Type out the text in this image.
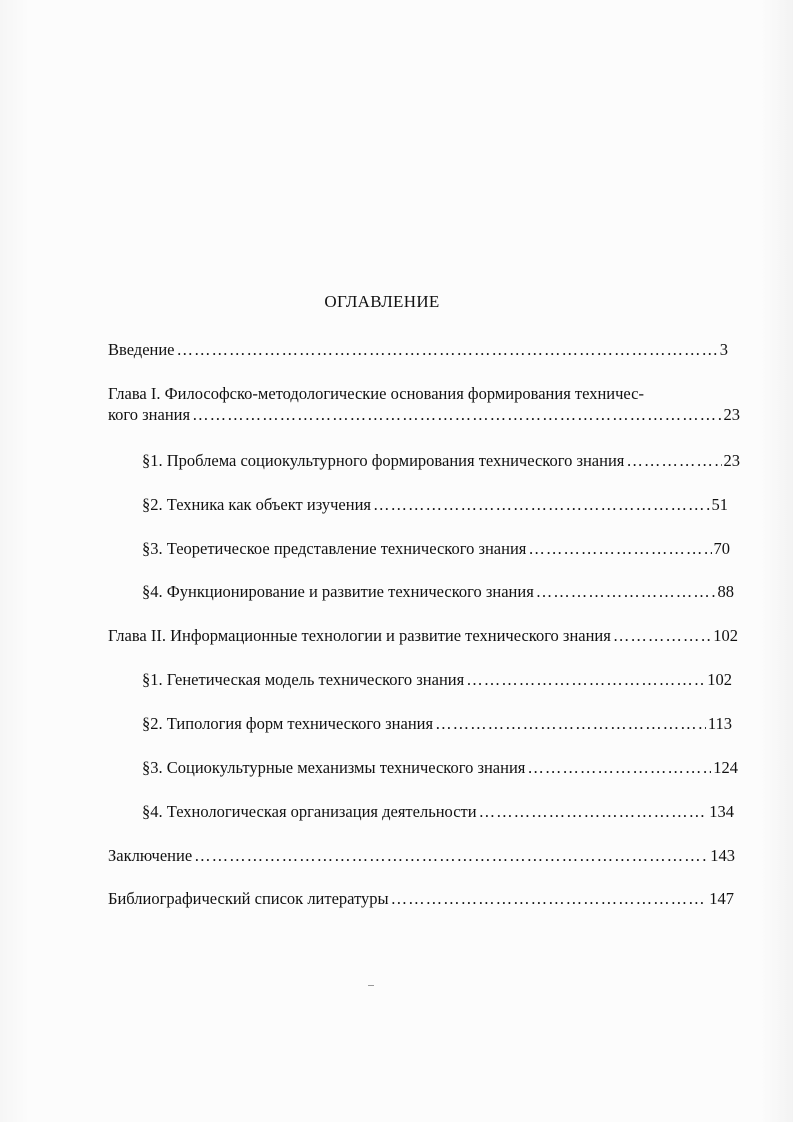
ОГЛАВЛЕНИЕ
Введение ………………………………………………………………………………………………………………………………………………	3
Глава I. Философско-методологические основания формирования техничес-
кого знания ………………………………………………………………………………………………………………………………………………	23
§1. Проблема социокультурного формирования технического знания ………………………………………………………………………………………………………………………………………………	23
§2. Техника как объект изучения ………………………………………………………………………………………………………………………………………………	51
§3. Теоретическое представление технического знания ………………………………………………………………………………………………………………………………………………	70
§4. Функционирование и развитие технического знания ………………………………………………………………………………………………………………………………………………	88
Глава II. Информационные технологии и развитие технического знания ………………………………………………………………………………………………………………………………………………	102
§1. Генетическая модель технического знания ………………………………………………………………………………………………………………………………………………	102
§2. Типология форм технического знания ………………………………………………………………………………………………………………………………………………	113
§3. Социокультурные механизмы технического знания ………………………………………………………………………………………………………………………………………………	124
§4. Технологическая организация деятельности ………………………………………………………………………………………………………………………………………………	134
Заключение ………………………………………………………………………………………………………………………………………………	143
Библиографический список литературы ………………………………………………………………………………………………………………………………………………	147
